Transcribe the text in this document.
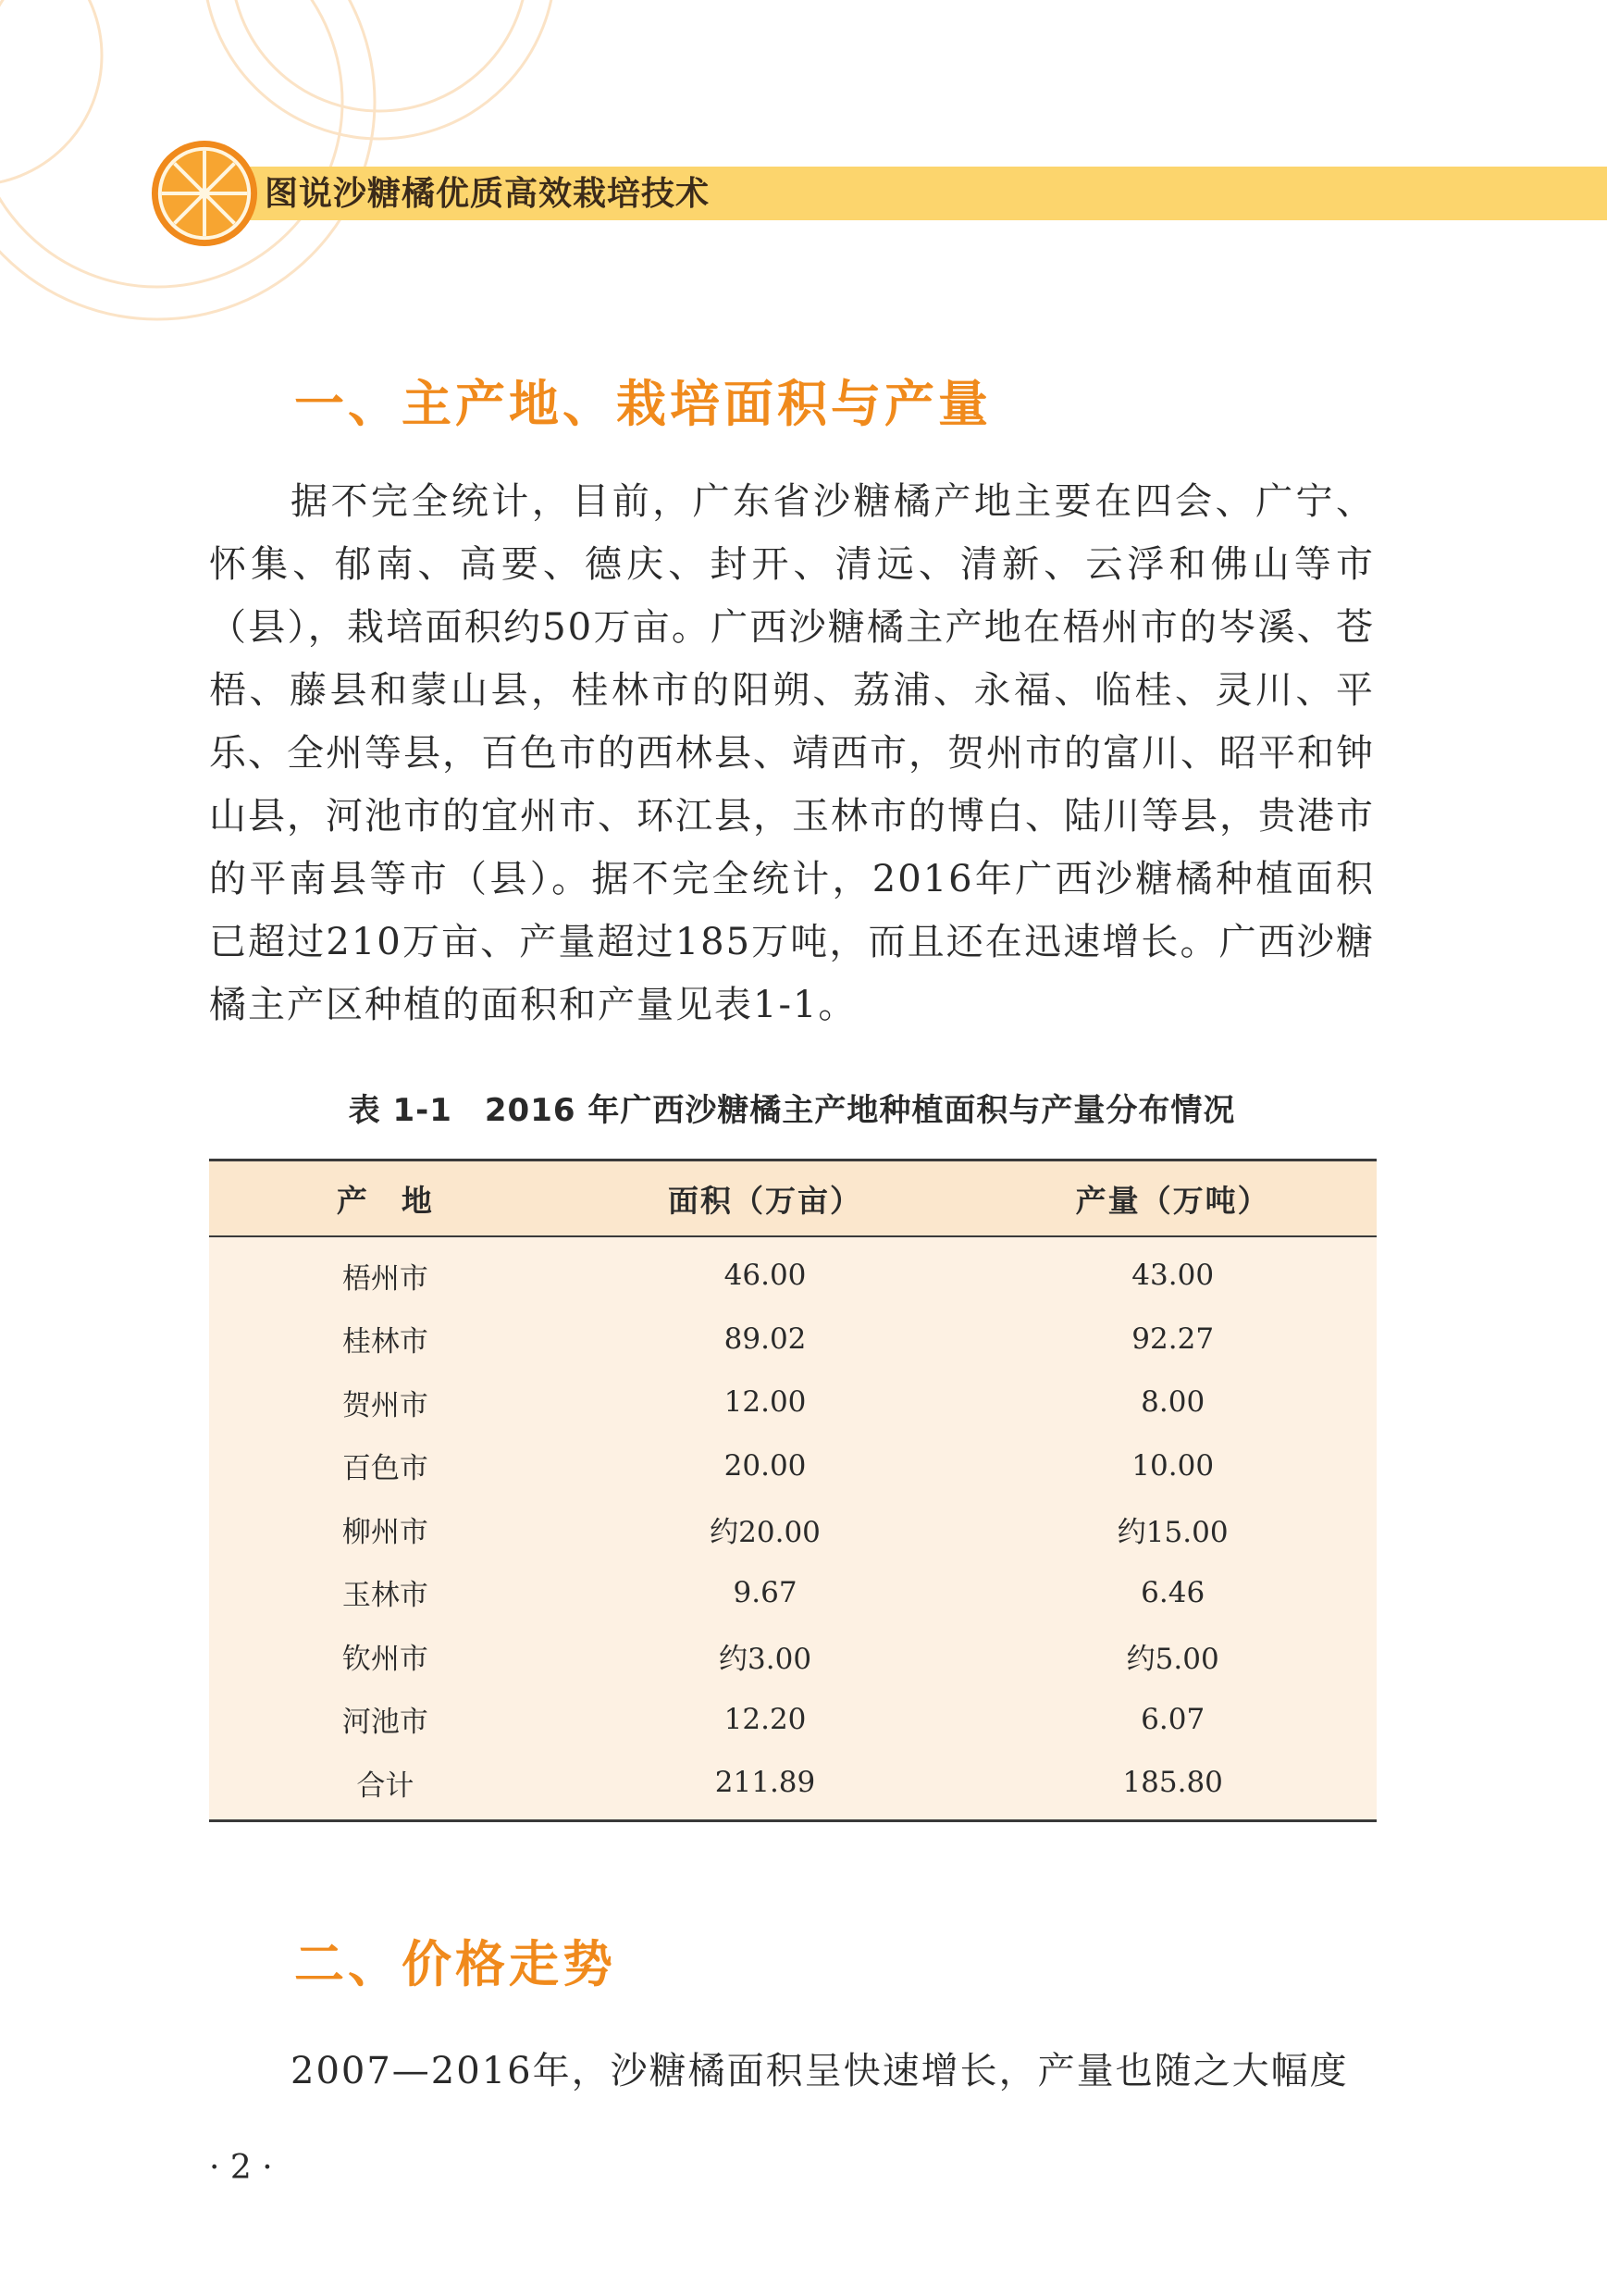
图说沙糖橘优质高效栽培技术
一、主产地、栽培面积与产量

据不完全统计，目前，广东省沙糖橘产地主要在四会、广宁、怀集、郁南、高要、德庆、封开、清远、清新、云浮和佛山等市（县），栽培面积约50万亩。广西沙糖橘主产地在梧州市的岑溪、苍梧、藤县和蒙山县，桂林市的阳朔、荔浦、永福、临桂、灵川、平乐、全州等县，百色市的西林县、靖西市，贺州市的富川、昭平和钟山县，河池市的宜州市、环江县，玉林市的博白、陆川等县，贵港市的平南县等市（县）。据不完全统计，2016年广西沙糖橘种植面积已超过210万亩、产量超过185万吨，而且还在迅速增长。广西沙糖橘主产区种植的面积和产量见表1-1。

表 1-1　2016 年广西沙糖橘主产地种植面积与产量分布情况
产　地	面积（万亩）	产量（万吨）
梧州市	46.00	43.00
桂林市	89.02	92.27
贺州市	12.00	8.00
百色市	20.00	10.00
柳州市	约20.00	约15.00
玉林市	9.67	6.46
钦州市	约3.00	约5.00
河池市	12.20	6.07
合计	211.89	185.80
二、价格走势

2007—2016年，沙糖橘面积呈快速增长，产量也随之大幅度

· 2 ·
